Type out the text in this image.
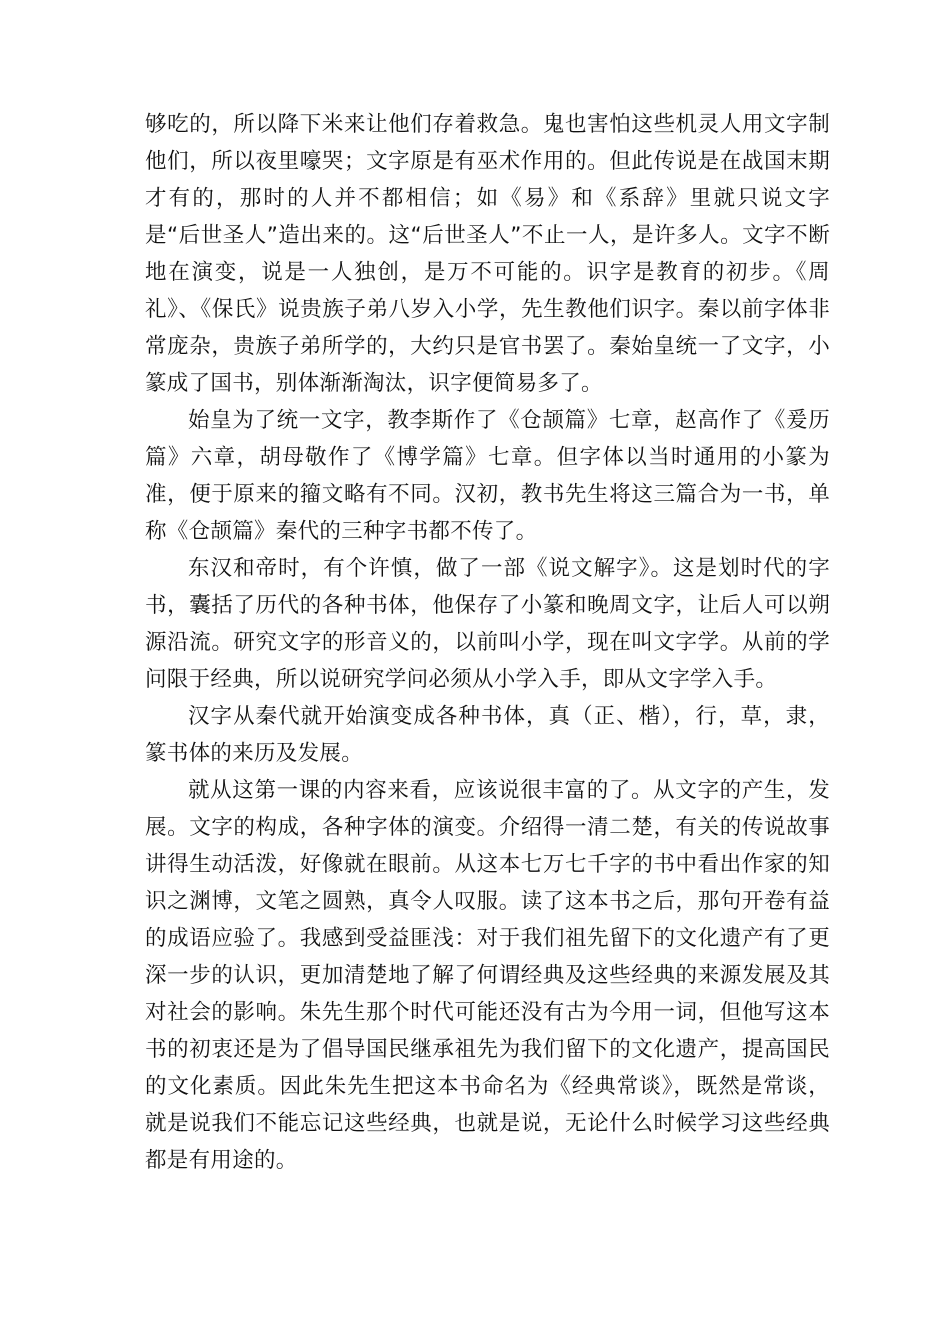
够吃的，所以降下米来让他们存着救急。鬼也害怕这些机灵人用文字制他们，所以夜里嚎哭；文字原是有巫术作用的。但此传说是在战国末期才有的，那时的人并不都相信；如《易》和《系辞》里就只说文字是“后世圣人”造出来的。这“后世圣人”不止一人，是许多人。文字不断地在演变，说是一人独创，是万不可能的。识字是教育的初步。《周礼》、《保氏》说贵族子弟八岁入小学，先生教他们识字。秦以前字体非常庞杂，贵族子弟所学的，大约只是官书罢了。秦始皇统一了文字，小篆成了国书，别体渐渐淘汰，识字便简易多了。

始皇为了统一文字，教李斯作了《仓颉篇》七章，赵高作了《爰历篇》六章，胡母敬作了《博学篇》七章。但字体以当时通用的小篆为准，便于原来的籀文略有不同。汉初，教书先生将这三篇合为一书，单称《仓颉篇》秦代的三种字书都不传了。

东汉和帝时，有个许慎，做了一部《说文解字》。这是划时代的字书，囊括了历代的各种书体，他保存了小篆和晚周文字，让后人可以朔源沿流。研究文字的形音义的，以前叫小学，现在叫文字学。从前的学问限于经典，所以说研究学问必须从小学入手，即从文字学入手。

汉字从秦代就开始演变成各种书体，真（正、楷），行，草，隶，篆书体的来历及发展。

就从这第一课的内容来看，应该说很丰富的了。从文字的产生，发展。文字的构成，各种字体的演变。介绍得一清二楚，有关的传说故事讲得生动活泼，好像就在眼前。从这本七万七千字的书中看出作家的知识之渊博，文笔之圆熟，真令人叹服。读了这本书之后，那句开卷有益的成语应验了。我感到受益匪浅：对于我们祖先留下的文化遗产有了更深一步的认识，更加清楚地了解了何谓经典及这些经典的来源发展及其对社会的影响。朱先生那个时代可能还没有古为今用一词，但他写这本书的初衷还是为了倡导国民继承祖先为我们留下的文化遗产，提高国民的文化素质。因此朱先生把这本书命名为《经典常谈》，既然是常谈，就是说我们不能忘记这些经典，也就是说，无论什么时候学习这些经典都是有用途的。
